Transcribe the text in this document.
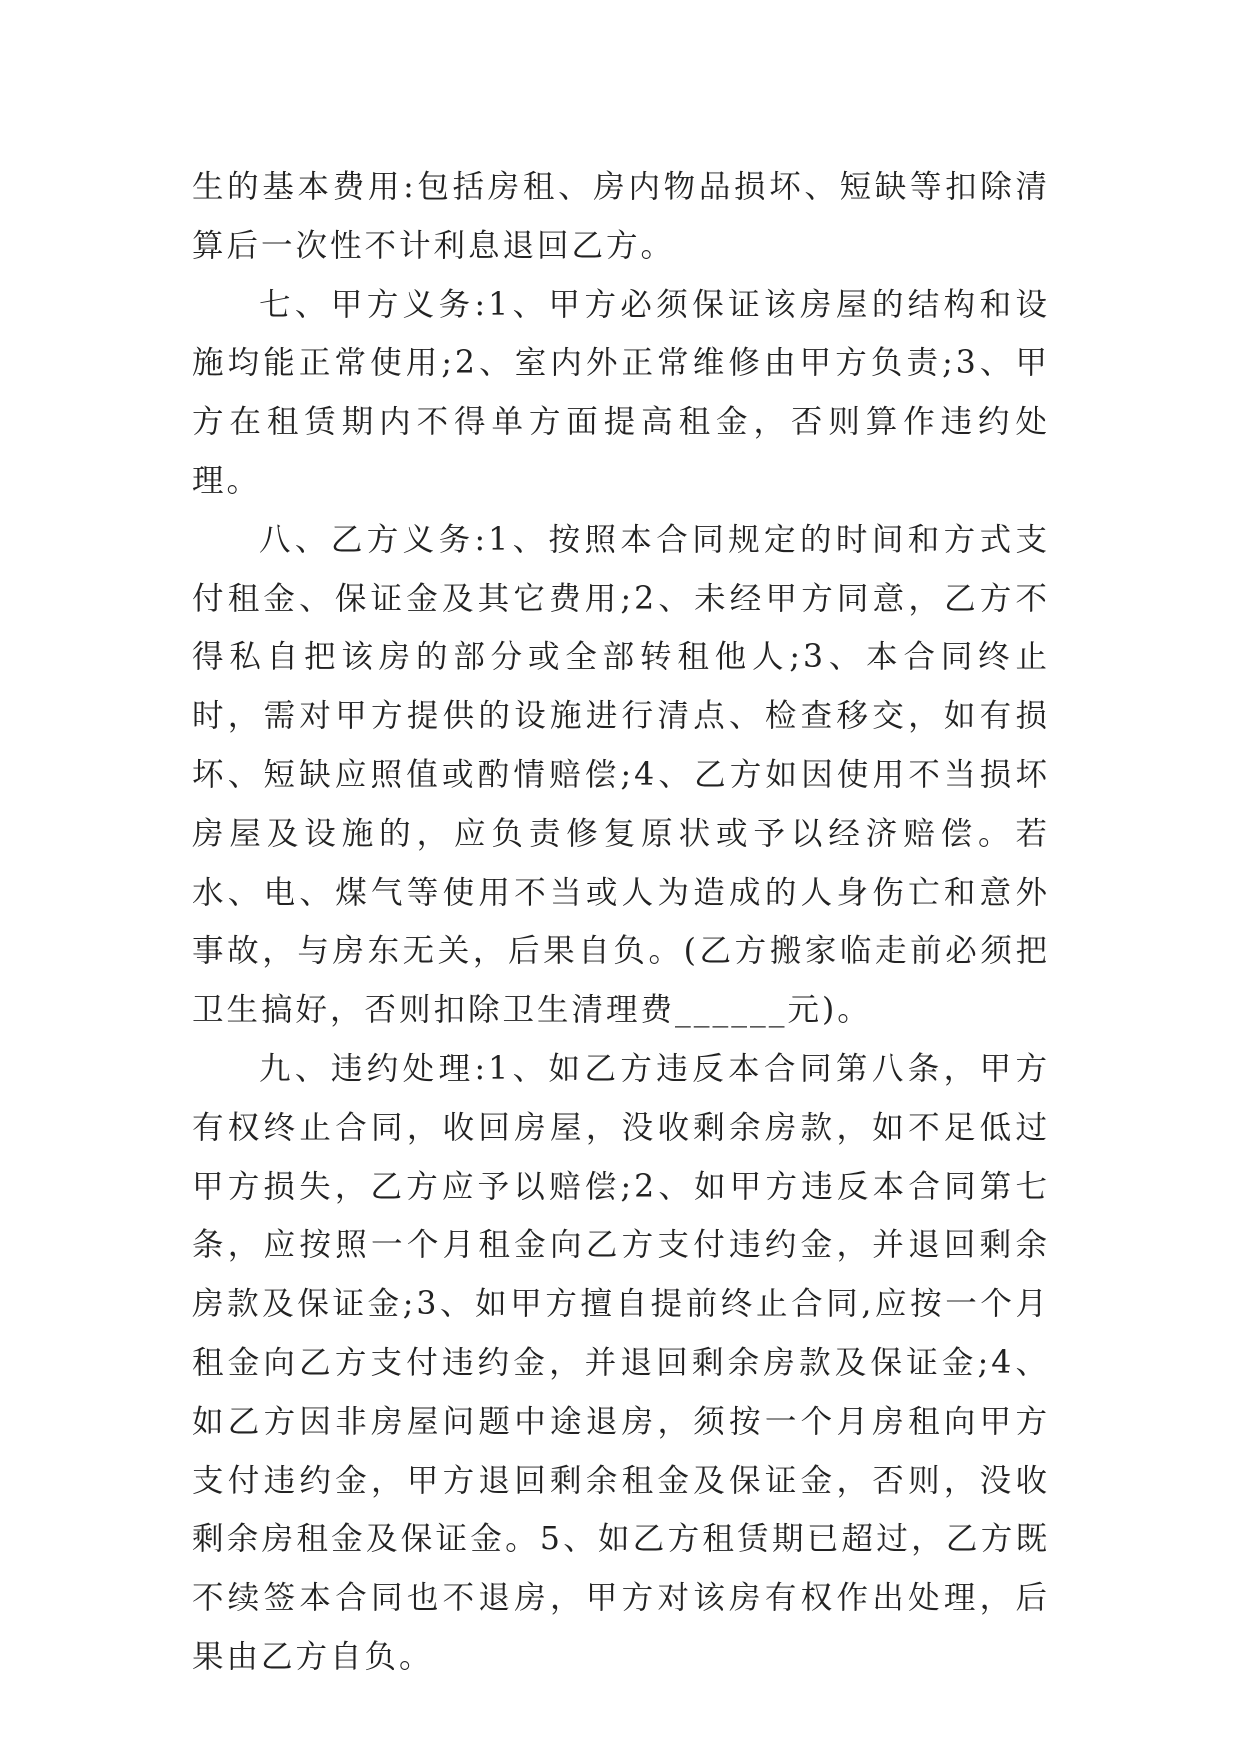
生的基本费用:包括房租、房内物品损坏、短缺等扣除清算后一次性不计利息退回乙方。

七、甲方义务:1、甲方必须保证该房屋的结构和设施均能正常使用;2、室内外正常维修由甲方负责;3、甲方在租赁期内不得单方面提高租金，否则算作违约处理。

八、乙方义务:1、按照本合同规定的时间和方式支付租金、保证金及其它费用;2、未经甲方同意，乙方不得私自把该房的部分或全部转租他人;3、本合同终止时，需对甲方提供的设施进行清点、检查移交，如有损坏、短缺应照值或酌情赔偿;4、乙方如因使用不当损坏房屋及设施的，应负责修复原状或予以经济赔偿。若水、电、煤气等使用不当或人为造成的人身伤亡和意外事故，与房东无关，后果自负。(乙方搬家临走前必须把卫生搞好，否则扣除卫生清理费______元)。

九、违约处理:1、如乙方违反本合同第八条，甲方有权终止合同，收回房屋，没收剩余房款，如不足低过甲方损失，乙方应予以赔偿;2、如甲方违反本合同第七条，应按照一个月租金向乙方支付违约金，并退回剩余房款及保证金;3、如甲方擅自提前终止合同,应按一个月租金向乙方支付违约金，并退回剩余房款及保证金;4、如乙方因非房屋问题中途退房，须按一个月房租向甲方支付违约金，甲方退回剩余租金及保证金，否则，没收剩余房租金及保证金。5、如乙方租赁期已超过，乙方既不续签本合同也不退房，甲方对该房有权作出处理，后果由乙方自负。
